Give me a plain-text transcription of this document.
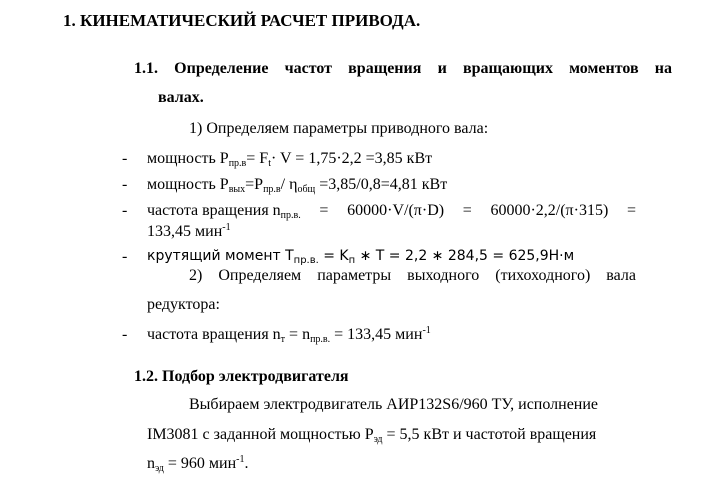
1. КИНЕМАТИЧЕСКИЙ РАСЧЕТ ПРИВОДА.
1.1. Определение частот вращения и вращающих моментов на
валах.
1) Определяем параметры приводного вала:
- мощность $P_{пр.в}= F_t\cdot V = 1,75\cdot 2,2 =3,85$ кВт
- мощность $P_{вых}=P_{пр.в}/$ $\eta_{общ} =3,85/0,8=4,81$ кВт
- частота вращения $n_{пр.в.} = 60000\cdot V/(\pi\cdot D) = 60000\cdot 2,2/(\pi\cdot 315)$ =
133,45 мин$^{-1}$
- крутящий момент $T_{пр.в.} = K_п$ ∗ T = 2,2 ∗ 284,5 = 625,9Н·м
2) Определяем параметры выходного (тихоходного) вала
редуктора:
- частота вращения $n_т = n_{пр.в.} = 133,45$ мин$^{-1}$
1.2. Подбор электродвигателя
Выбираем электродвигатель АИР132S6/960 ТУ, исполнение
IM3081 с заданной мощностью $P_{эд} = 5,5$ кВт и частотой вращения
$n_{эд} = 960$ мин$^{-1}$.
